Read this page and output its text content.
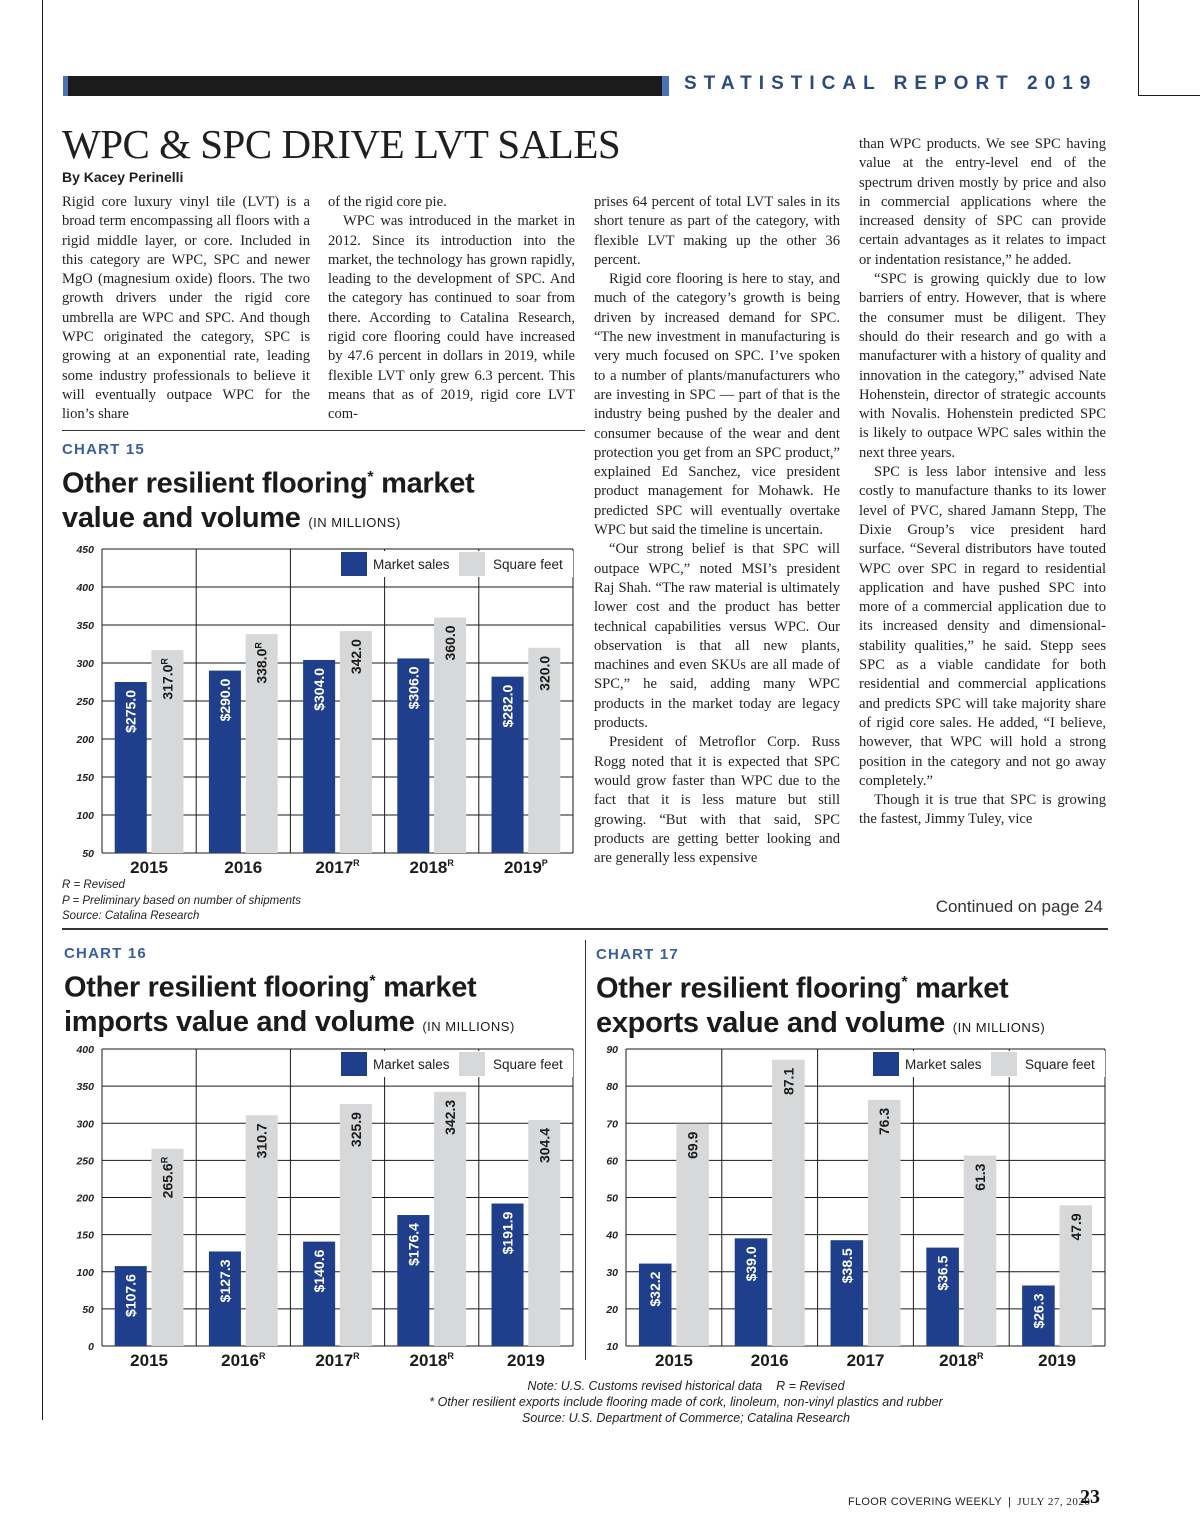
STATISTICAL REPORT 2019
WPC & SPC DRIVE LVT SALES
By Kacey Perinelli

Rigid core luxury vinyl tile (LVT) is a broad term encompassing all floors with a rigid middle layer, or core. Included in this category are WPC, SPC and newer MgO (magnesium oxide) floors. The two growth drivers under the rigid core umbrella are WPC and SPC. And though WPC originated the category, SPC is growing at an exponential rate, leading some industry professionals to believe it will eventually outpace WPC for the lion’s share

of the rigid core pie.

WPC was introduced in the market in 2012. Since its introduction into the market, the technology has grown rapidly, leading to the development of SPC. And the category has continued to soar from there. According to Catalina Research, rigid core flooring could have increased by 47.6 percent in dollars in 2019, while flexible LVT only grew 6.3 percent. This means that as of 2019, rigid core LVT com-

prises 64 percent of total LVT sales in its short tenure as part of the category, with flexible LVT making up the other 36 percent.

Rigid core flooring is here to stay, and much of the category’s growth is being driven by increased demand for SPC. “The new investment in manufacturing is very much focused on SPC. I’ve spoken to a number of plants/manufacturers who are investing in SPC — part of that is the industry being pushed by the dealer and consumer because of the wear and dent protection you get from an SPC product,” explained Ed Sanchez, vice president product management for Mohawk. He predicted SPC will eventually overtake WPC but said the timeline is uncertain.

“Our strong belief is that SPC will outpace WPC,” noted MSI’s president Raj Shah. “The raw material is ultimately lower cost and the product has better technical capabilities versus WPC. Our observation is that all new plants, machines and even SKUs are all made of SPC,” he said, adding many WPC products in the market today are legacy products.

President of Metroflor Corp. Russ Rogg noted that it is expected that SPC would grow faster than WPC due to the fact that it is less mature but still growing. “But with that said, SPC products are getting better looking and are generally less expensive

than WPC products. We see SPC having value at the entry-level end of the spectrum driven mostly by price and also in commercial applications where the increased density of SPC can provide certain advantages as it relates to impact or indentation resistance,” he added.

“SPC is growing quickly due to low barriers of entry. However, that is where the consumer must be diligent. They should do their research and go with a manufacturer with a history of quality and innovation in the category,” advised Nate Hohenstein, director of strategic accounts with Novalis. Hohenstein predicted SPC is likely to outpace WPC sales within the next three years.

SPC is less labor intensive and less costly to manufacture thanks to its lower level of PVC, shared Jamann Stepp, The Dixie Group’s vice president hard surface. “Several distributors have touted WPC over SPC in regard to residential application and have pushed SPC into more of a commercial application due to its increased density and dimensional-stability qualities,” he said. Stepp sees SPC as a viable candidate for both residential and commercial applications and predicts SPC will take majority share of rigid core sales. He added, “I believe, however, that WPC will hold a strong position in the category and not go away completely.”

Though it is true that SPC is growing the fastest, Jimmy Tuley, vice

Continued on page 24
CHART 15
Other resilient flooring* market
value and volume (IN MILLIONS)
50
100
150
200
250
300
350
400
450
$275.0
$317.0^R$
2015
$290.0
$338.0^R$
2016
$304.0
342.0
$2017^R$
$306.0
360.0
$2018^R$
$282.0
320.0
$2019^P$
Market sales	Square feet
R = Revised
P = Preliminary based on number of shipments
Source: Catalina Research
CHART 16
Other resilient flooring* market
imports value and volume (IN MILLIONS)
0
50
100
150
200
250
300
350
400
$107.6
$265.6^R$
2015
$127.3
310.7
$2016^R$
$140.6
325.9
$2017^R$
$176.4
342.3
$2018^R$
$191.9
304.4
2019
Market sales	Square feet
CHART 17
Other resilient flooring* market
exports value and volume (IN MILLIONS)
10
20
30
40
50
60
70
80
90
$32.2
69.9
2015
$39.0
87.1
2016
$38.5
76.3
2017
$36.5
61.3
$2018^R$
$26.3
47.9
2019
Market sales	Square feet
Note: U.S. Customs revised historical data    R = Revised
* Other resilient exports include flooring made of cork, linoleum, non-vinyl plastics and rubber
Source: U.S. Department of Commerce; Catalina Research
FLOOR COVERING WEEKLY | JULY 27, 2020
23
